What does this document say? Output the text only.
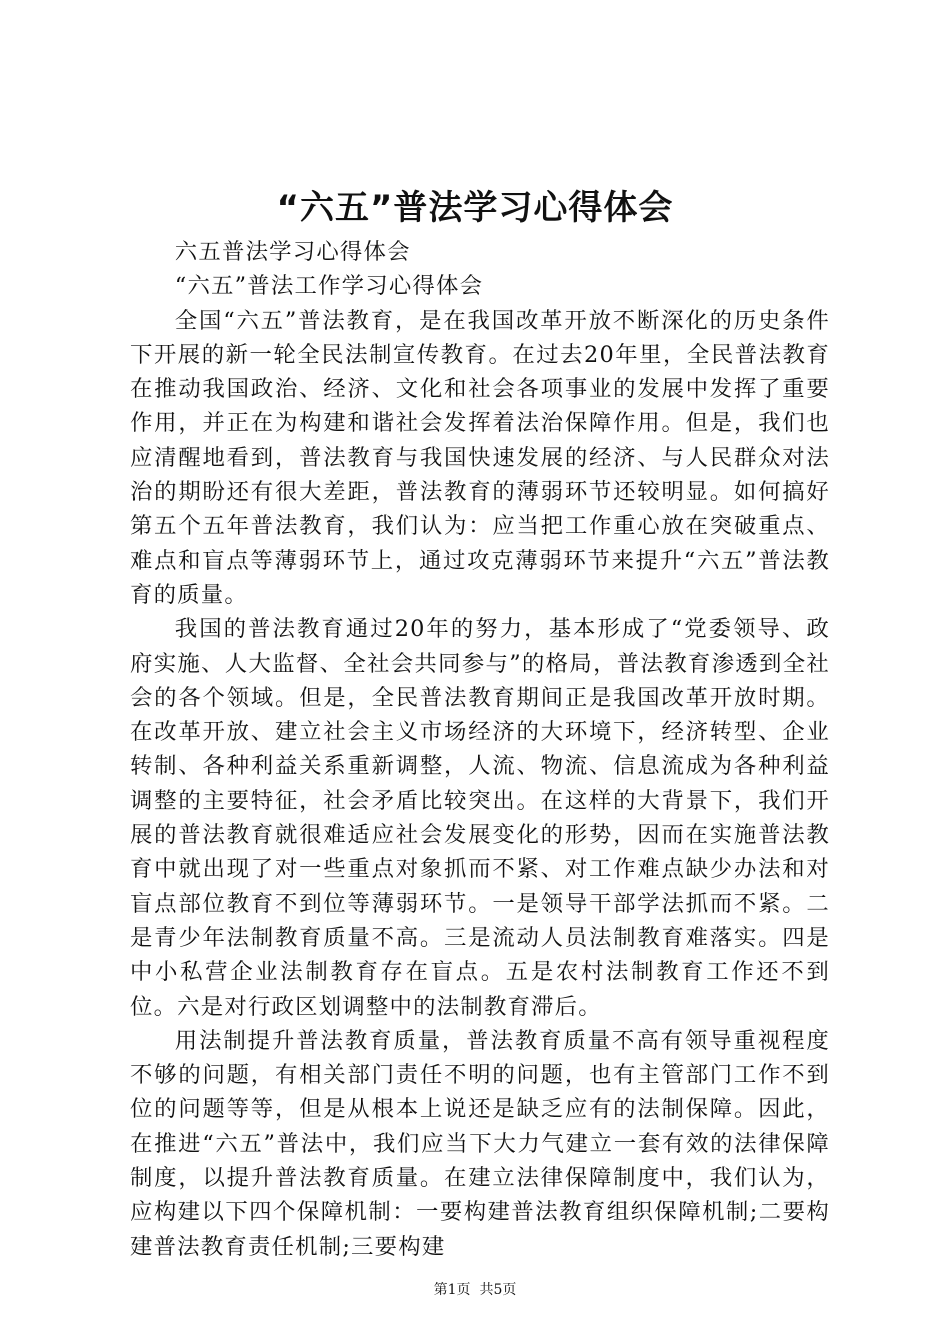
“六五”普法学习心得体会

六五普法学习心得体会

“六五”普法工作学习心得体会

全国“六五”普法教育，是在我国改革开放不断深化的历史条件下开展的新一轮全民法制宣传教育。在过去20年里，全民普法教育在推动我国政治、经济、文化和社会各项事业的发展中发挥了重要作用，并正在为构建和谐社会发挥着法治保障作用。但是，我们也应清醒地看到，普法教育与我国快速发展的经济、与人民群众对法治的期盼还有很大差距，普法教育的薄弱环节还较明显。如何搞好第五个五年普法教育，我们认为：应当把工作重心放在突破重点、难点和盲点等薄弱环节上，通过攻克薄弱环节来提升“六五”普法教育的质量。

我国的普法教育通过20年的努力，基本形成了“党委领导、政府实施、人大监督、全社会共同参与”的格局，普法教育渗透到全社会的各个领域。但是，全民普法教育期间正是我国改革开放时期。在改革开放、建立社会主义市场经济的大环境下，经济转型、企业转制、各种利益关系重新调整，人流、物流、信息流成为各种利益调整的主要特征，社会矛盾比较突出。在这样的大背景下，我们开展的普法教育就很难适应社会发展变化的形势，因而在实施普法教育中就出现了对一些重点对象抓而不紧、对工作难点缺少办法和对盲点部位教育不到位等薄弱环节。一是领导干部学法抓而不紧。二是青少年法制教育质量不高。三是流动人员法制教育难落实。四是中小私营企业法制教育存在盲点。五是农村法制教育工作还不到位。六是对行政区划调整中的法制教育滞后。

用法制提升普法教育质量，普法教育质量不高有领导重视程度不够的问题，有相关部门责任不明的问题，也有主管部门工作不到位的问题等等，但是从根本上说还是缺乏应有的法制保障。因此，在推进“六五”普法中，我们应当下大力气建立一套有效的法律保障制度，以提升普法教育质量。在建立法律保障制度中，我们认为，应构建以下四个保障机制：一要构建普法教育组织保障机制;二要构建普法教育责任机制;三要构建

第1页  共5页
